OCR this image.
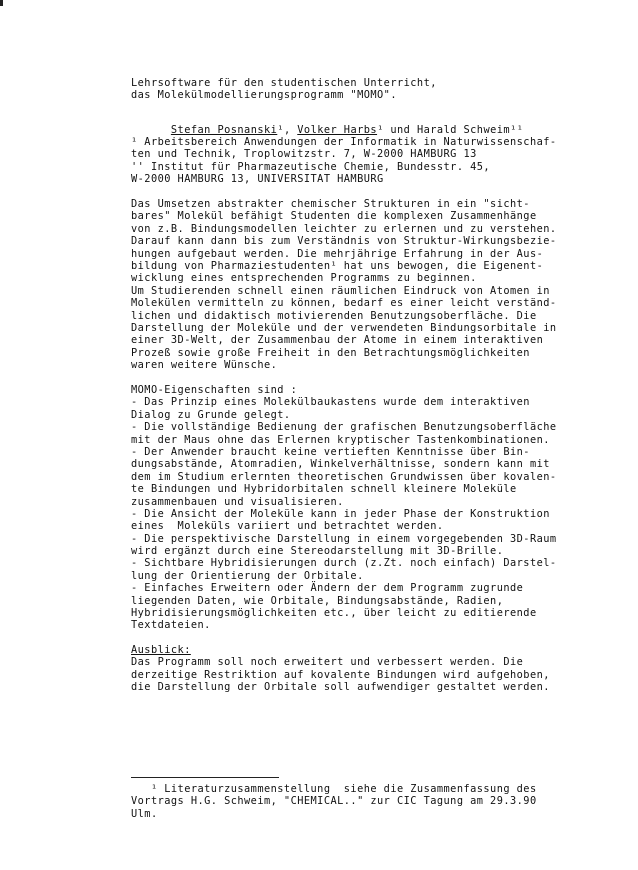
Lehrsoftware für den studentischen Unterricht,
das Molekülmodellierungsprogramm "MOMO".

Stefan Posnanski¹, Volker Harbs¹ und Harald Schweim¹¹

¹ Arbeitsbereich Anwendungen der Informatik in Naturwissenschaf-
ten und Technik, Troplowitzstr. 7, W-2000 HAMBURG 13
'' Institut für Pharmazeutische Chemie, Bundesstr. 45,
W-2000 HAMBURG 13, UNIVERSITAT HAMBURG
Das Umsetzen abstrakter chemischer Strukturen in ein "sicht-
bares" Molekül befähigt Studenten die komplexen Zusammenhänge
von z.B. Bindungsmodellen leichter zu erlernen und zu verstehen.
Darauf kann dann bis zum Verständnis von Struktur-Wirkungsbezie-
hungen aufgebaut werden. Die mehrjährige Erfahrung in der Aus-
bildung von Pharmaziestudenten¹ hat uns bewogen, die Eigenent-
wicklung eines entsprechenden Programms zu beginnen.
Um Studierenden schnell einen räumlichen Eindruck von Atomen in
Molekülen vermitteln zu können, bedarf es einer leicht verständ-
lichen und didaktisch motivierenden Benutzungsoberfläche. Die
Darstellung der Moleküle und der verwendeten Bindungsorbitale in
einer 3D-Welt, der Zusammenbau der Atome in einem interaktiven
Prozeß sowie große Freiheit in den Betrachtungsmöglichkeiten
waren weitere Wünsche.
MOMO-Eigenschaften sind :
- Das Prinzip eines Molekülbaukastens wurde dem interaktiven
Dialog zu Grunde gelegt.
- Die vollständige Bedienung der grafischen Benutzungsoberfläche
mit der Maus ohne das Erlernen kryptischer Tastenkombinationen.
- Der Anwender braucht keine vertieften Kenntnisse über Bin-
dungsabstände, Atomradien, Winkelverhältnisse, sondern kann mit
dem im Studium erlernten theoretischen Grundwissen über kovalen-
te Bindungen und Hybridorbitalen schnell kleinere Moleküle
zusammenbauen und visualisieren.
- Die Ansicht der Moleküle kann in jeder Phase der Konstruktion
eines  Moleküls variiert und betrachtet werden.
- Die perspektivische Darstellung in einem vorgegebenden 3D-Raum
wird ergänzt durch eine Stereodarstellung mit 3D-Brille.
- Sichtbare Hybridisierungen durch (z.Zt. noch einfach) Darstel-
lung der Orientierung der Orbitale.
- Einfaches Erweitern oder Ändern der dem Programm zugrunde
liegenden Daten, wie Orbitale, Bindungsabstände, Radien,
Hybridisierungsmöglichkeiten etc., über leicht zu editierende
Textdateien.
Ausblick:
Das Programm soll noch erweitert und verbessert werden. Die
derzeitige Restriktion auf kovalente Bindungen wird aufgehoben,
die Darstellung der Orbitale soll aufwendiger gestaltet werden.
¹ Literaturzusammenstellung  siehe die Zusammenfassung des
Vortrags H.G. Schweim, "CHEMICAL.." zur CIC Tagung am 29.3.90
Ulm.
